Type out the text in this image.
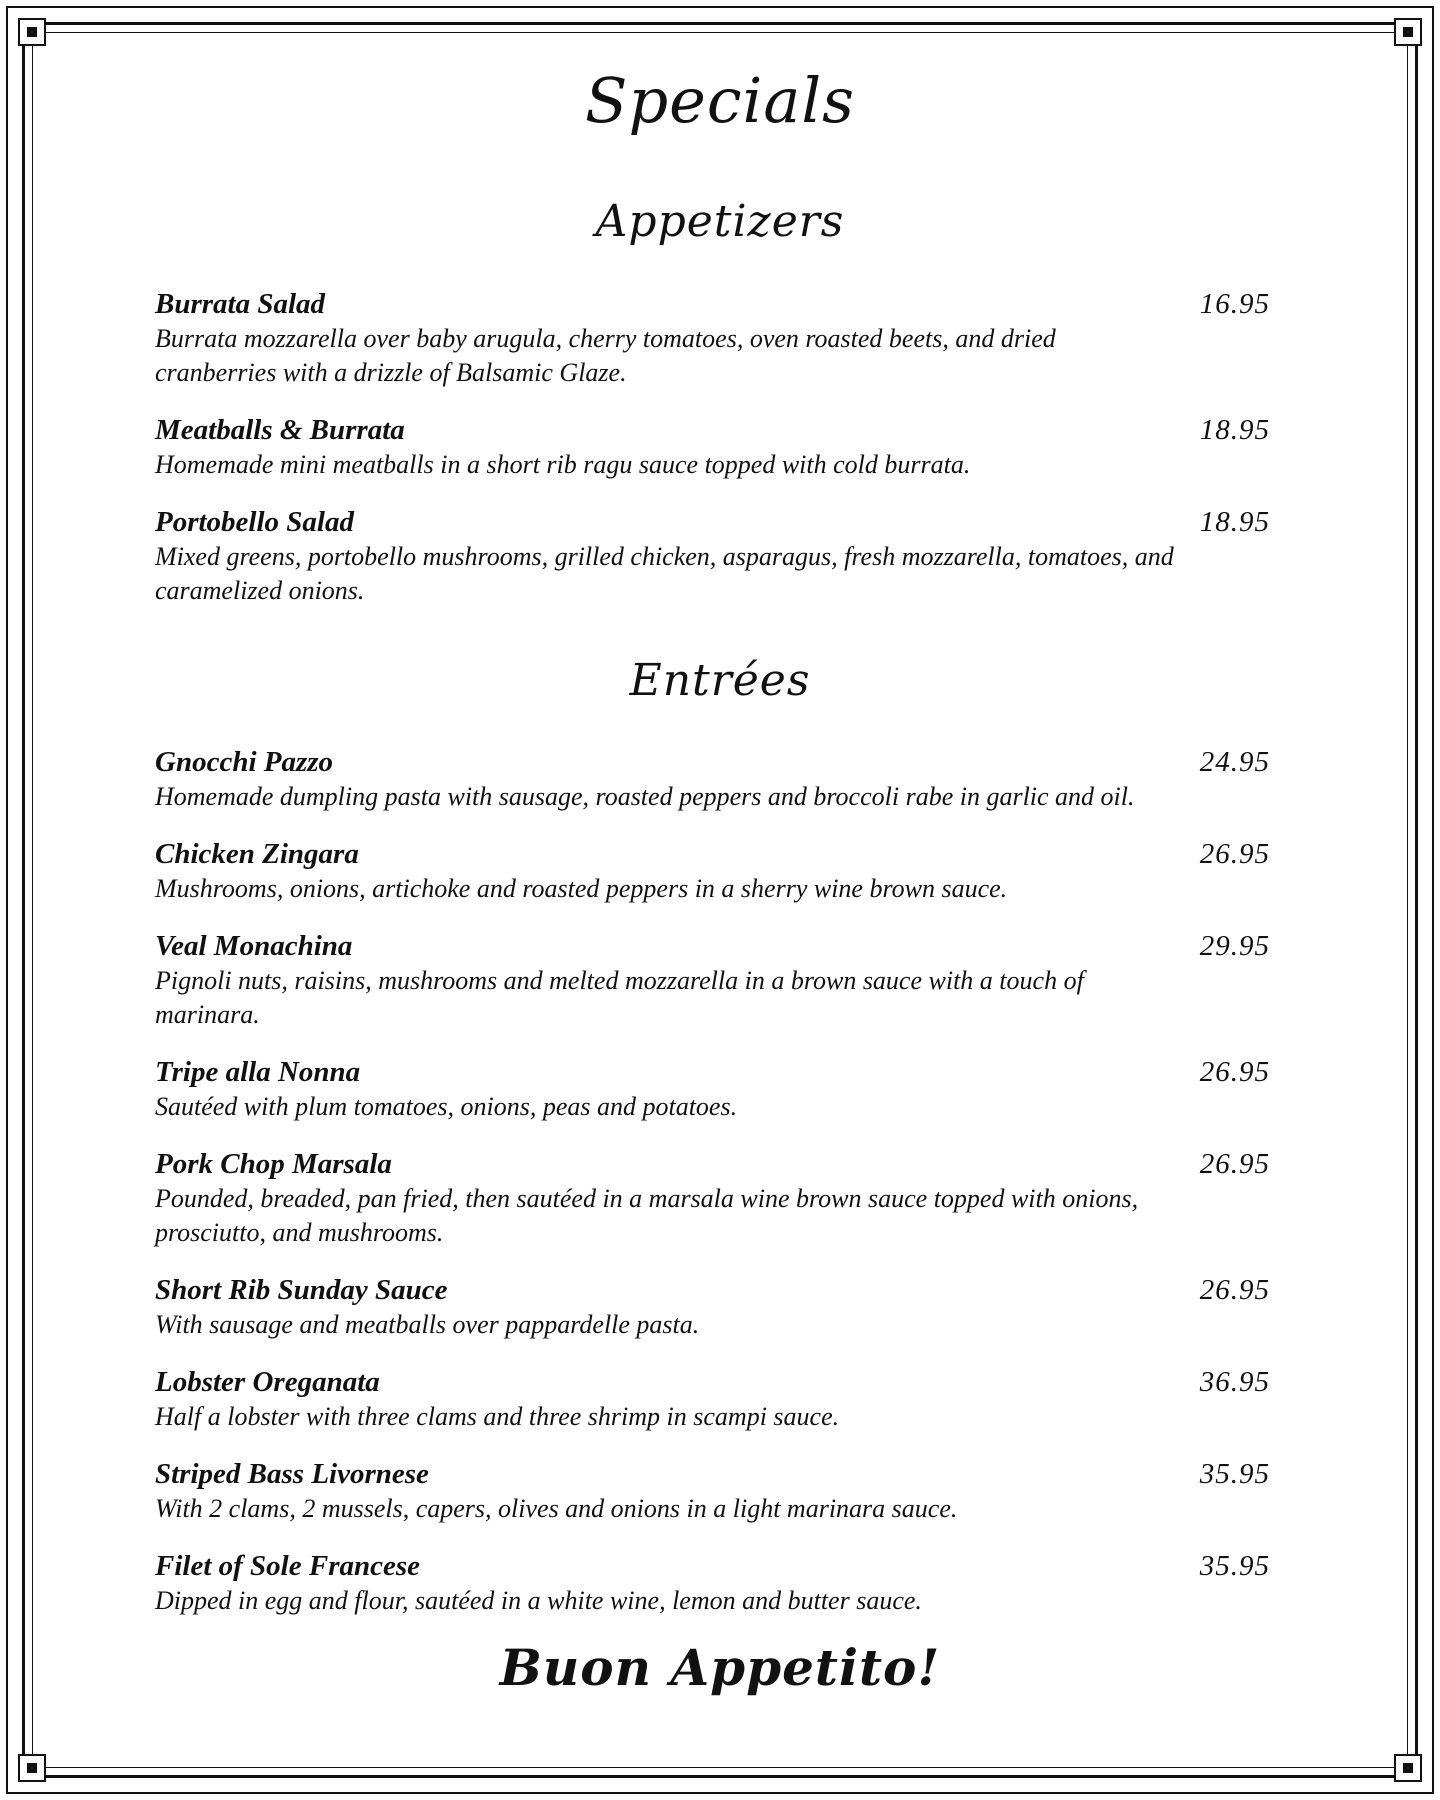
Specials
Appetizers
Burrata Salad	16.95
Burrata mozzarella over baby arugula, cherry tomatoes, oven roasted beets, and dried cranberries with a drizzle of Balsamic Glaze.
Meatballs & Burrata	18.95
Homemade mini meatballs in a short rib ragu sauce topped with cold burrata.
Portobello Salad	18.95
Mixed greens, portobello mushrooms, grilled chicken, asparagus, fresh mozzarella, tomatoes, and caramelized onions.
Entrées
Gnocchi Pazzo	24.95
Homemade dumpling pasta with sausage, roasted peppers and broccoli rabe in garlic and oil.
Chicken Zingara	26.95
Mushrooms, onions, artichoke and roasted peppers in a sherry wine brown sauce.
Veal Monachina	29.95
Pignoli nuts, raisins, mushrooms and melted mozzarella in a brown sauce with a touch of marinara.
Tripe alla Nonna	26.95
Sautéed with plum tomatoes, onions, peas and potatoes.
Pork Chop Marsala	26.95
Pounded, breaded, pan fried, then sautéed in a marsala wine brown sauce topped with onions, prosciutto, and mushrooms.
Short Rib Sunday Sauce	26.95
With sausage and meatballs over pappardelle pasta.
Lobster Oreganata	36.95
Half a lobster with three clams and three shrimp in scampi sauce.
Striped Bass Livornese	35.95
With 2 clams, 2 mussels, capers, olives and onions in a light marinara sauce.
Filet of Sole Francese	35.95
Dipped in egg and flour, sautéed in a white wine, lemon and butter sauce.
Buon Appetito!
